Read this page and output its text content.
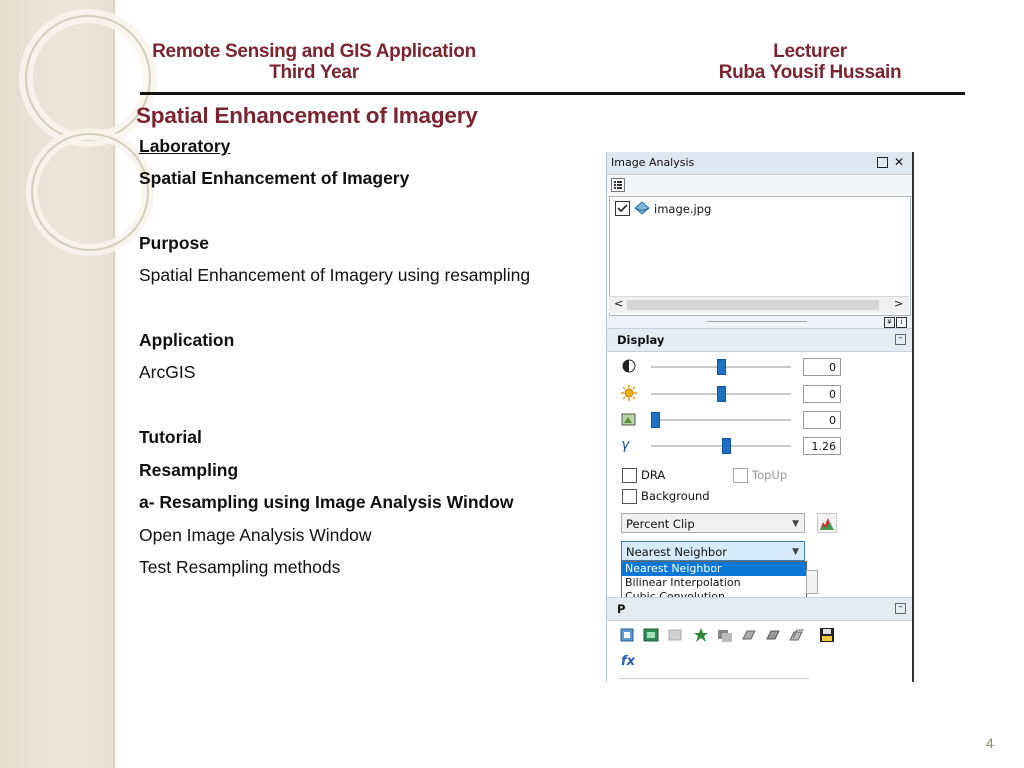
Remote Sensing and GIS Application
Third Year
Lecturer
Ruba Yousif Hussain
Spatial Enhancement of Imagery
Laboratory
Spatial Enhancement of Imagery
Purpose
Spatial Enhancement of Imagery using resampling
Application
ArcGIS
Tutorial
Resampling
a- Resampling using Image Analysis Window
Open Image Analysis Window
Test Resampling methods
Image Analysis	✕
image.jpg
<	>
¥	i
Display	–
0
0
0
γ	1.26
DRA	TopUp
Background
Percent Clip	▼
Nearest Neighbor	▼
Nearest Neighbor
Bilinear Interpolation
P	–
fx
4
